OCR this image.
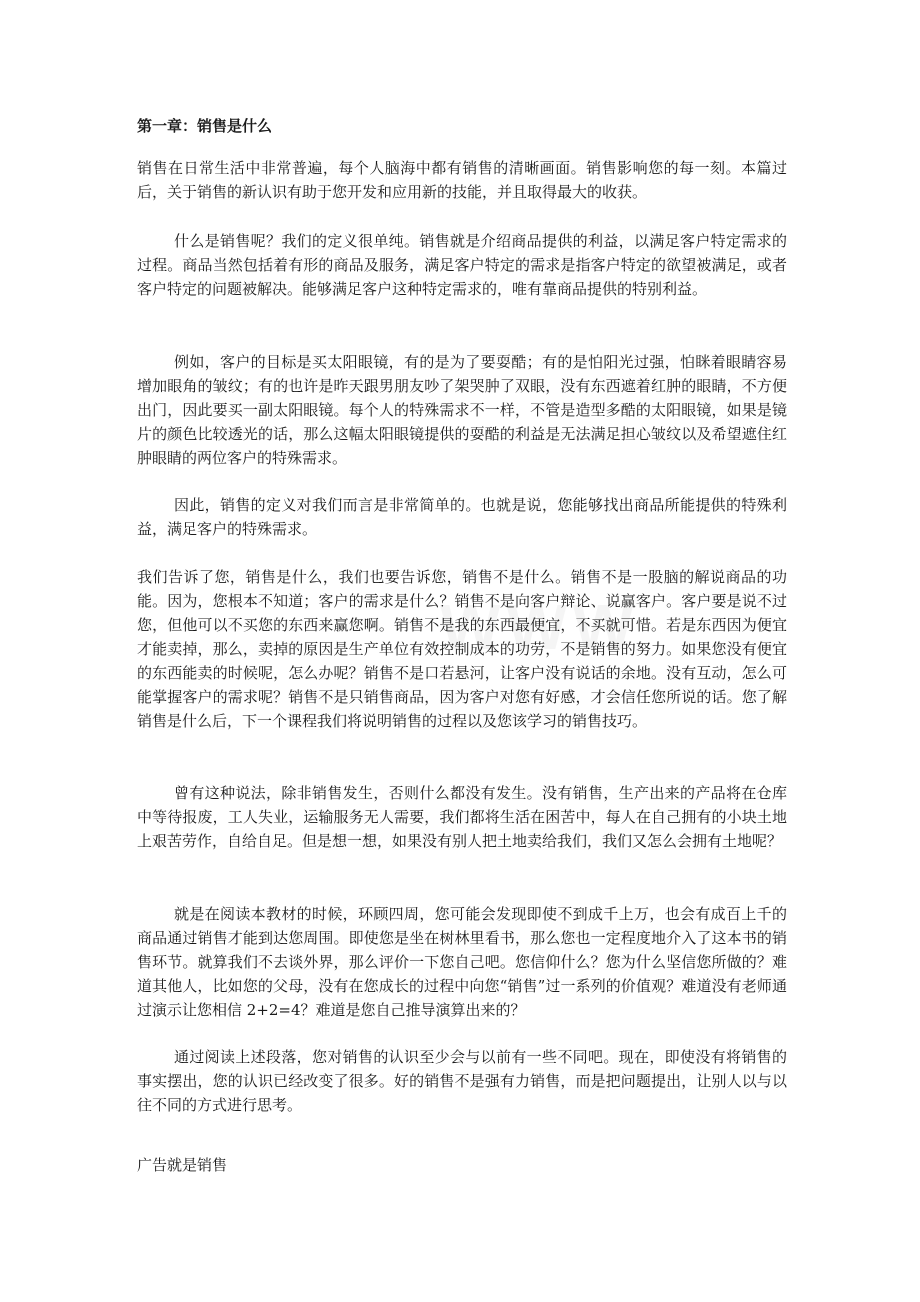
第一章：销售是什么

销售在日常生活中非常普遍，每个人脑海中都有销售的清晰画面。销售影响您的每一刻。本篇过后，关于销售的新认识有助于您开发和应用新的技能，并且取得最大的收获。

什么是销售呢？我们的定义很单纯。销售就是介绍商品提供的利益，以满足客户特定需求的过程。商品当然包括着有形的商品及服务，满足客户特定的需求是指客户特定的欲望被满足，或者客户特定的问题被解决。能够满足客户这种特定需求的，唯有靠商品提供的特别利益。

例如，客户的目标是买太阳眼镜，有的是为了要耍酷；有的是怕阳光过强，怕眯着眼睛容易增加眼角的皱纹；有的也许是昨天跟男朋友吵了架哭肿了双眼，没有东西遮着红肿的眼睛，不方便出门，因此要买一副太阳眼镜。每个人的特殊需求不一样，不管是造型多酷的太阳眼镜，如果是镜片的颜色比较透光的话，那么这幅太阳眼镜提供的耍酷的利益是无法满足担心皱纹以及希望遮住红肿眼睛的两位客户的特殊需求。

因此，销售的定义对我们而言是非常简单的。也就是说，您能够找出商品所能提供的特殊利益，满足客户的特殊需求。

我们告诉了您，销售是什么，我们也要告诉您，销售不是什么。销售不是一股脑的解说商品的功能。因为，您根本不知道；客户的需求是什么？销售不是向客户辩论、说赢客户。客户要是说不过您，但他可以不买您的东西来赢您啊。销售不是我的东西最便宜，不买就可惜。若是东西因为便宜才能卖掉，那么，卖掉的原因是生产单位有效控制成本的功劳，不是销售的努力。如果您没有便宜的东西能卖的时候呢，怎么办呢？销售不是口若悬河，让客户没有说话的余地。没有互动，怎么可能掌握客户的需求呢？销售不是只销售商品，因为客户对您有好感，才会信任您所说的话。您了解销售是什么后，下一个课程我们将说明销售的过程以及您该学习的销售技巧。

曾有这种说法，除非销售发生，否则什么都没有发生。没有销售，生产出来的产品将在仓库中等待报废，工人失业，运输服务无人需要，我们都将生活在困苦中，每人在自己拥有的小块土地上艰苦劳作，自给自足。但是想一想，如果没有别人把土地卖给我们，我们又怎么会拥有土地呢？

就是在阅读本教材的时候，环顾四周，您可能会发现即使不到成千上万，也会有成百上千的商品通过销售才能到达您周围。即使您是坐在树林里看书，那么您也一定程度地介入了这本书的销售环节。就算我们不去谈外界，那么评价一下您自己吧。您信仰什么？您为什么坚信您所做的？难道其他人，比如您的父母，没有在您成长的过程中向您“销售”过一系列的价值观？难道没有老师通过演示让您相信 2+2=4？难道是您自己推导演算出来的？

通过阅读上述段落，您对销售的认识至少会与以前有一些不同吧。现在，即使没有将销售的事实摆出，您的认识已经改变了很多。好的销售不是强有力销售，而是把问题提出，让别人以与以往不同的方式进行思考。

广告就是销售
